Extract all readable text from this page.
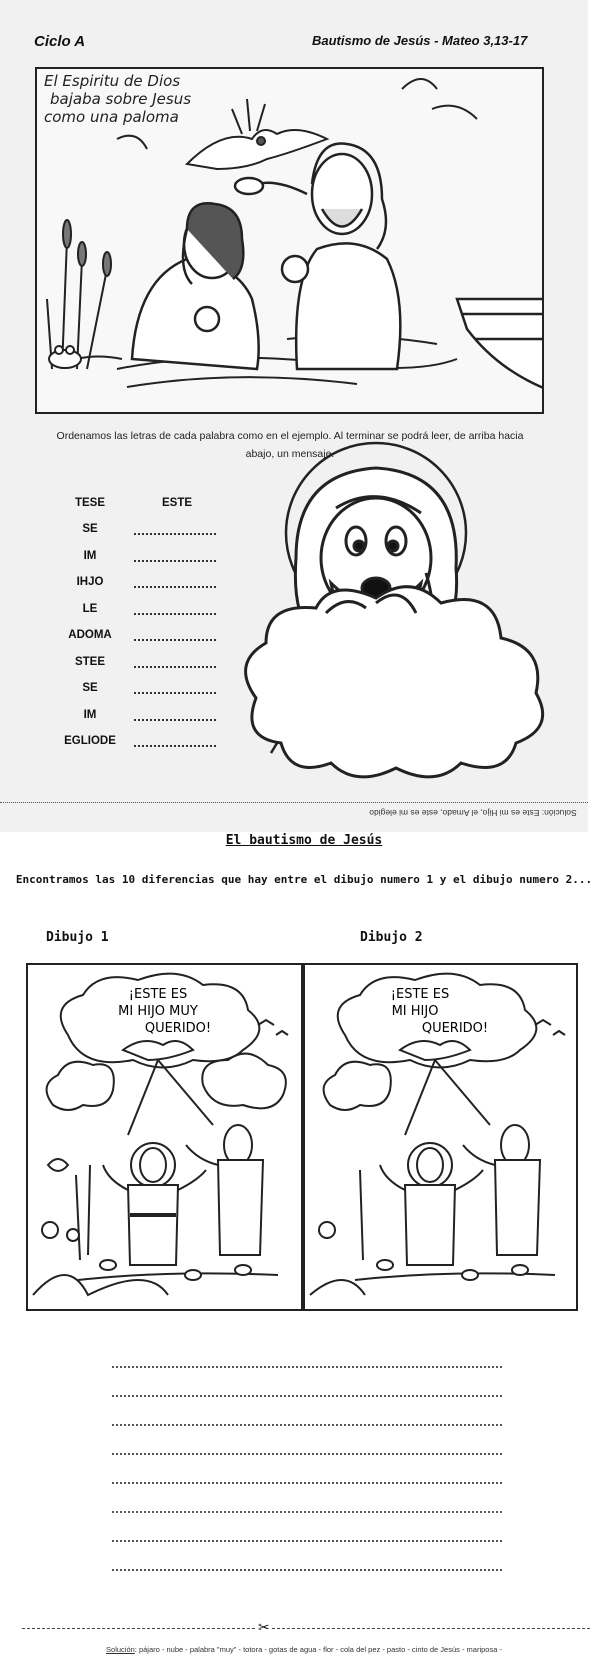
Ciclo A	Bautismo de Jesús - Mateo 3,13-17
El Espiritu de Dios
bajaba sobre Jesus
como una paloma
Ordenamos las letras de cada palabra como en el ejemplo. Al terminar se podrá leer, de arriba hacia
abajo, un mensaje.
TESE	ESTE
SE
IM
IHJO
LE
ADOMA
STEE
SE
IM
EGLIODE
Solución: Este es mi Hijo, el Amado, este es mi elegido
El bautismo de Jesús
Encontramos las 10 diferencias que hay entre el dibujo numero 1 y el dibujo numero 2...
Dibujo 1	Dibujo 2
¡ESTE ES
MI HIJO MUY
QUERIDO!
¡ESTE ES
MI HIJO
QUERIDO!
✂
Solución: pájaro - nube - palabra "muy" - totora - gotas de agua - flor - cola del pez - pasto - cinto de Jesús - mariposa -
